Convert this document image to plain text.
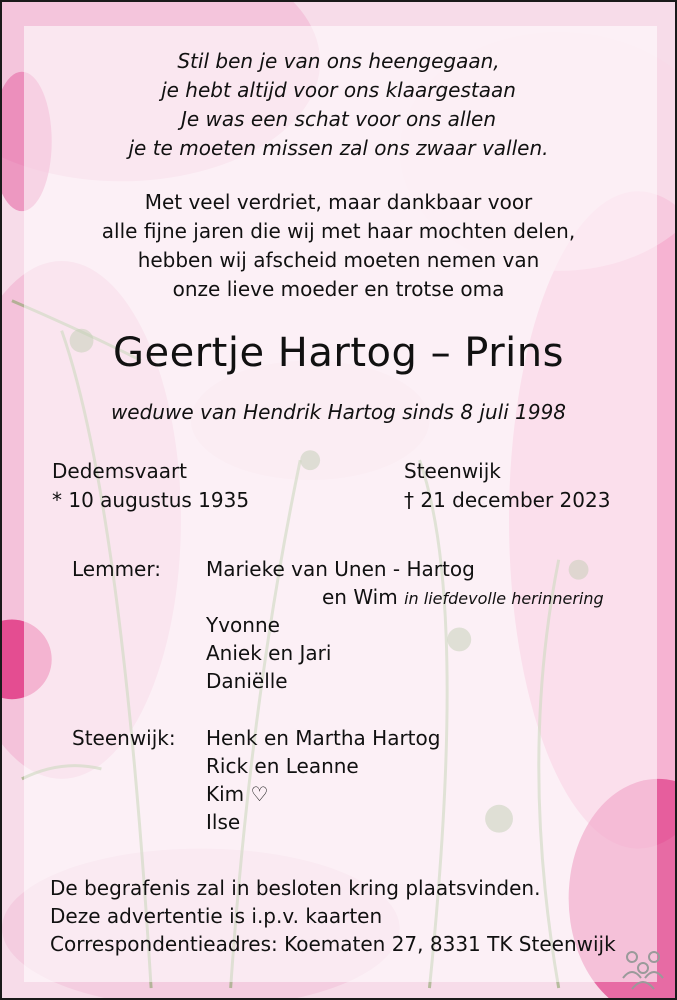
Stil ben je van ons heengegaan,
je hebt altijd voor ons klaargestaan
Je was een schat voor ons allen
je te moeten missen zal ons zwaar vallen.
Met veel verdriet, maar dankbaar voor
alle fijne jaren die wij met haar mochten delen,
hebben wij afscheid moeten nemen van
onze lieve moeder en trotse oma
Geertje Hartog – Prins
weduwe van Hendrik Hartog sinds 8 juli 1998
Dedemsvaart
* 10 augustus 1935
Steenwijk
† 21 december 2023
Lemmer: Marieke van Unen - Hartog
en Wim in liefdevolle herinnering
Yvonne
Aniek en Jari
Daniëlle
Steenwijk: Henk en Martha Hartog
Rick en Leanne
Kim ♡
Ilse
De begrafenis zal in besloten kring plaatsvinden.
Deze advertentie is i.p.v. kaarten
Correspondentieadres: Koematen 27, 8331 TK Steenwijk
